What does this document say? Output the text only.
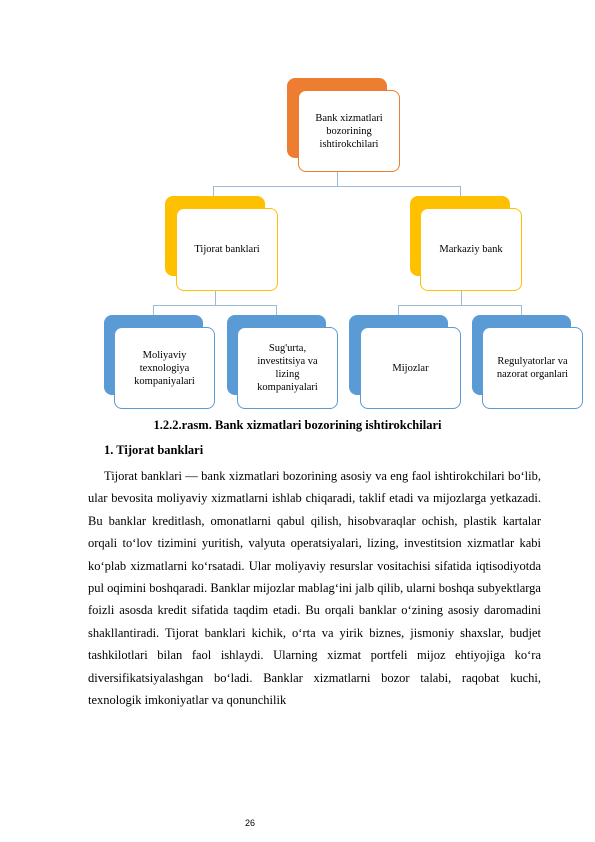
Bank xizmatlari bozorining ishtirokchilari
Tijorat banklari	Markaziy bank
Moliyaviy texnologiya kompaniyalari
Sug'urta, investitsiya va lizing kompaniyalari
Mijozlar
Regulyatorlar va nazorat organlari
1.2.2.rasm. Bank xizmatlari bozorining ishtirokchilari
1. Tijorat banklari
Tijorat banklari — bank xizmatlari bozorining asosiy va eng faol ishtirokchilari bo‘lib, ular bevosita moliyaviy xizmatlarni ishlab chiqaradi, taklif etadi va mijozlarga yetkazadi. Bu banklar kreditlash, omonatlarni qabul qilish, hisobvaraqlar ochish, plastik kartalar orqali to‘lov tizimini yuritish, valyuta operatsiyalari, lizing, investitsion xizmatlar kabi ko‘plab xizmatlarni ko‘rsatadi. Ular moliyaviy resurslar vositachisi sifatida iqtisodiyotda pul oqimini boshqaradi. Banklar mijozlar mablag‘ini jalb qilib, ularni boshqa subyektlarga foizli asosda kredit sifatida taqdim etadi. Bu orqali banklar o‘zining asosiy daromadini shakllantiradi. Tijorat banklari kichik, o‘rta va yirik biznes, jismoniy shaxslar, budjet tashkilotlari bilan faol ishlaydi. Ularning xizmat portfeli mijoz ehtiyojiga ko‘ra diversifikatsiyalashgan bo‘ladi. Banklar xizmatlarni bozor talabi, raqobat kuchi, texnologik imkoniyatlar va qonunchilik
26
